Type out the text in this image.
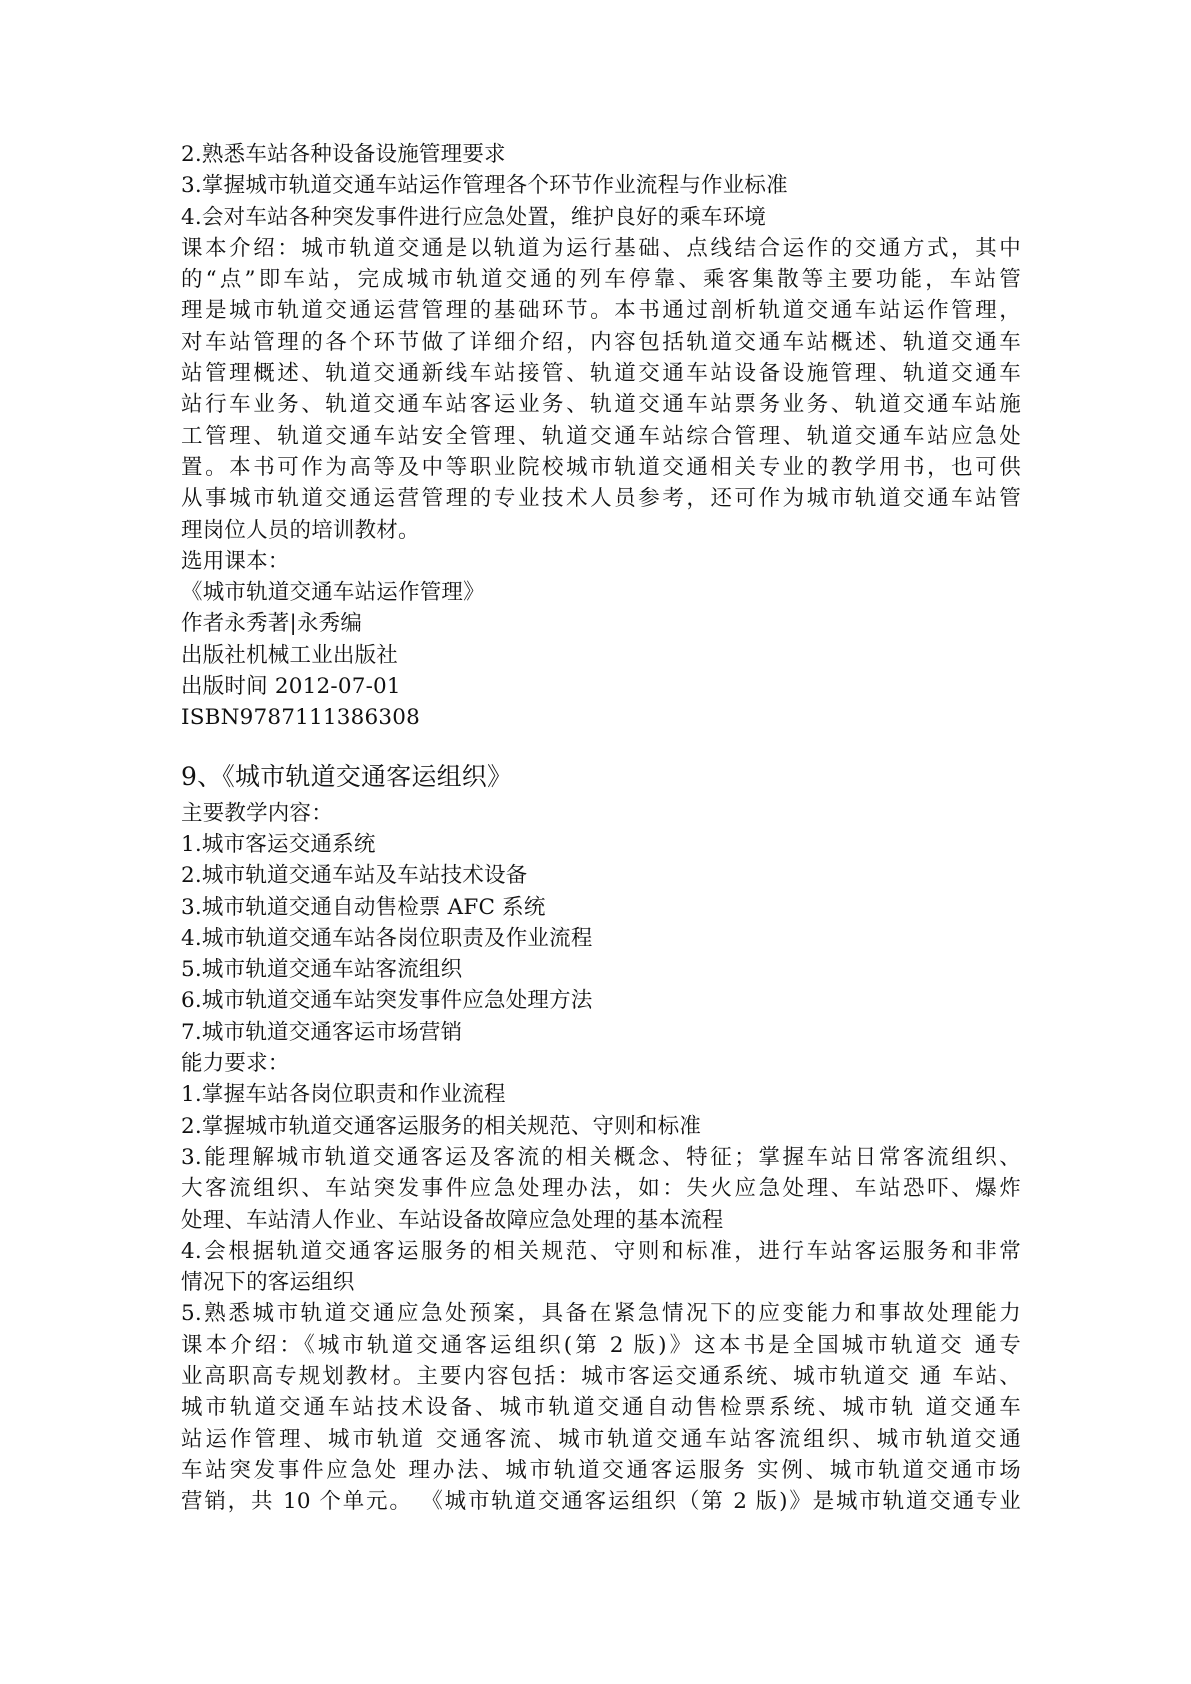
2.熟悉车站各种设备设施管理要求
3.掌握城市轨道交通车站运作管理各个环节作业流程与作业标准
4.会对车站各种突发事件进行应急处置，维护良好的乘车环境
课本介绍：城市轨道交通是以轨道为运行基础、点线结合运作的交通方式，其中
的“点”即车站，完成城市轨道交通的列车停靠、乘客集散等主要功能，车站管
理是城市轨道交通运营管理的基础环节。本书通过剖析轨道交通车站运作管理，
对车站管理的各个环节做了详细介绍，内容包括轨道交通车站概述、轨道交通车
站管理概述、轨道交通新线车站接管、轨道交通车站设备设施管理、轨道交通车
站行车业务、轨道交通车站客运业务、轨道交通车站票务业务、轨道交通车站施
工管理、轨道交通车站安全管理、轨道交通车站综合管理、轨道交通车站应急处
置。本书可作为高等及中等职业院校城市轨道交通相关专业的教学用书，也可供
从事城市轨道交通运营管理的专业技术人员参考，还可作为城市轨道交通车站管
理岗位人员的培训教材。
选用课本：
《城市轨道交通车站运作管理》
作者永秀著|永秀编
出版社机械工业出版社
出版时间 2012-07-01
ISBN9787111386308
9、《城市轨道交通客运组织》
主要教学内容：
1.城市客运交通系统
2.城市轨道交通车站及车站技术设备
3.城市轨道交通自动售检票 AFC 系统
4.城市轨道交通车站各岗位职责及作业流程
5.城市轨道交通车站客流组织
6.城市轨道交通车站突发事件应急处理方法
7.城市轨道交通客运市场营销
能力要求：
1.掌握车站各岗位职责和作业流程
2.掌握城市轨道交通客运服务的相关规范、守则和标准
3.能理解城市轨道交通客运及客流的相关概念、特征；掌握车站日常客流组织、
大客流组织、车站突发事件应急处理办法，如：失火应急处理、车站恐吓、爆炸
处理、车站清人作业、车站设备故障应急处理的基本流程
4.会根据轨道交通客运服务的相关规范、守则和标准，进行车站客运服务和非常
情况下的客运组织
5.熟悉城市轨道交通应急处预案，具备在紧急情况下的应变能力和事故处理能力
课本介绍：《城市轨道交通客运组织(第 2 版)》这本书是全国城市轨道交 通专
业高职高专规划教材。主要内容包括：城市客运交通系统、城市轨道交 通 车站、
城市轨道交通车站技术设备、城市轨道交通自动售检票系统、城市轨 道交通车
站运作管理、城市轨道 交通客流、城市轨道交通车站客流组织、城市轨道交通
车站突发事件应急处 理办法、城市轨道交通客运服务 实例、城市轨道交通市场
营销，共 10 个单元。 《城市轨道交通客运组织（第 2 版)》是城市轨道交通专业
